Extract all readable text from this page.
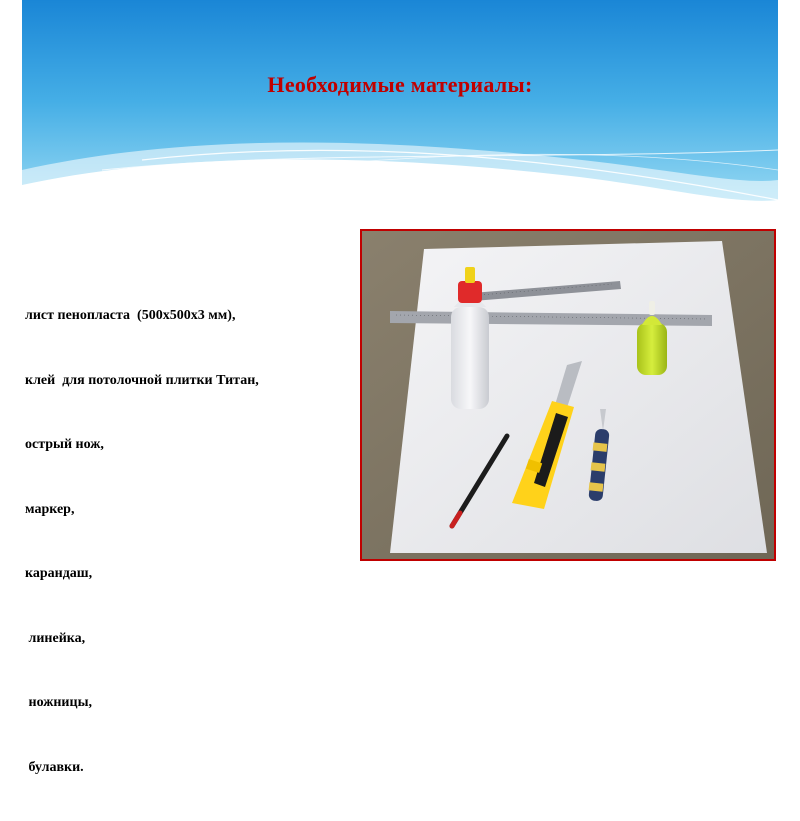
Необходимые материалы:

лист пенопласта  (500х500х3 мм),

клей  для потолочной плитки Титан,

острый нож,

маркер,

карандаш,

линейка,

ножницы,

булавки.
